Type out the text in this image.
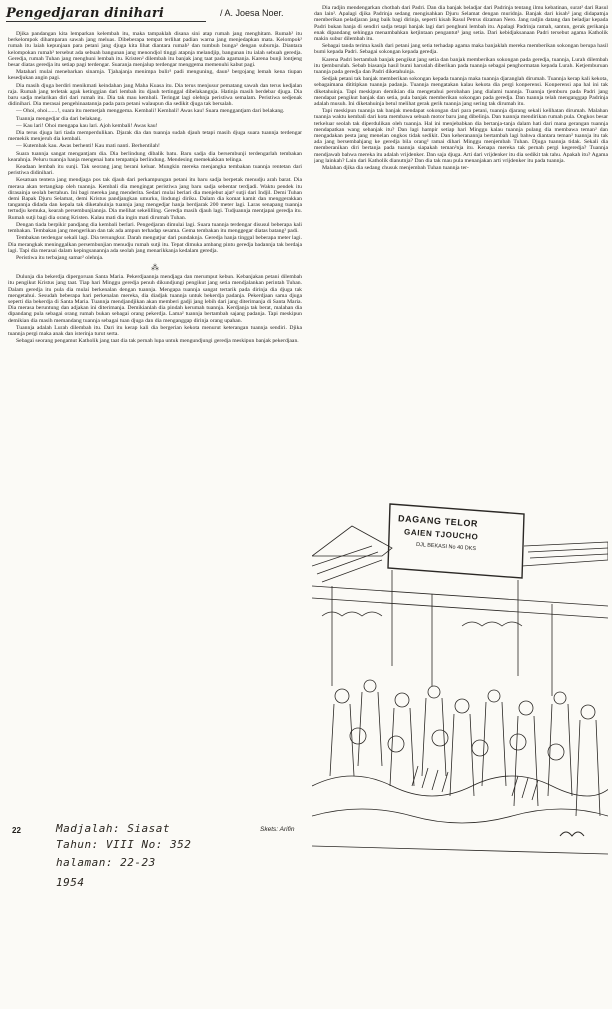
Pengedjaran dinihari	/ A. Joesa Noer.

Djika pandangan kita lemparkan kelembah itu, maka tampaklah disana sini atap rumah jang menghitam. Rumah² itu berkelompok dihamparan sawah jang meluas. Dibeberapa tempat terlihat padian warna jang menjedapkan mata. Kelompok² rumah itu laiah kepunjaan para petani jang djuga kita lihat diantara rumah² dan tumbuh bunga² dengan suburnja. Diantara kelompokan rumah² tersebut ada sebuah bangunan jang menondjol tinggi atapnja melandjip, bangunan itu ialah sebuah geredja. Geredja, rumah Tuhan jang menghuni lembah itu. Kristen² dilembah itu banjak jang taat pada agamanja. Karena bunji lontjeng besar diatas geredja itu setiap pagi terdengar. Suaranja menjalup terdengar menggema memenuhi kabut pagi.

Matahari mulai menebarkan sinarnja. Tjahajanja menimpa bulir² padi menguning, daun² bergojang lemah kena tiupan kesedjukan angin pagi.

Dia masih djuga berdiri menikmati keindahan jang Maha Kuasa itu. Dia terus menjusur pematang sawah dan terus kedjalan raja. Rumah jang terletak agak ketinggian dari lembah itu djauh tertinggal dibelakangnja. Hatinja masih berdebar djuga. Dia baru sadja melarikan diri dari rumah itu. Dia tak mau kembali. Teringat lagi olehnja peristiwa semalam. Peristiwa sedjenak didinihari. Dia merasai pengehinaatannja pada para petani walaupun dia sedikit djuga tak bersalah.

— Ohoi, ohoi.......!, suara itu memetjah menggema. Kembali! Kembali! Awas kau! Suara menggantjam dari belakang.

Tuannja mengedjar dia dari belakang.

— Kau lari! Ohoi mengapa kau lari. Ajoh kembali! Awas kau!

Dia terus djuga lari tiada memperdulikan. Djarak dia dan tuannja sudah djauh tetapi masih djuga suara tuannja terdengar memekik menjeruh dia kembali.

— Kutembak kau. Awas berhenti! Kau mati nanti. Berhentilah!

Suara tuannja sangat mengantjam dia. Dia berlindung dibalik batu. Baru sadja dia bersembunji terdengarlah tembakan kearahnja. Peluru tuannja hanja mengenai batu tempatnja berlindung. Mendesing memekakkan telinga.

Keadaan lembah itu sunji. Tak seorang jang berani keluar. Mungkin mereka menjangka tembakan tuannja rentetan dari peristiwa didinihari.

Kesatuan tentera jang mendjaga pos tak djauh dari perkampungan petani itu baru sadja berpetak menudju arah barat. Dia merasa akan tertangkap oleh tuannja. Kembali dia mengingat peristiwa jang baru sadja sebentar terdjadi. Waktu pendek itu dirasainja seolah bertahun. Ini bagi mereka jang menderita. Sedari mulai berlari dia menjebut ajat² sutji dari Indjil. Demi Tuhan demi Bapak Djuru Selamat, demi Kristus pandjangkan umurku, lindungi diriku. Dalam dia komat kamit dan menggerakkan tangannja didada dan kepala tak diketahuinja tuannja jang mengedjar hanja berdjarak 200 meter lagi. Laras senapang tuannja tertudju kemuka, kearah persembunjiannja. Dia melihat sekelilling. Geredja masih djauh lagi. Tudjuannja mentjapai geredja itu. Rumah sutji bagi dia orang Kristen. Kalau mati dia ingin mati dirumah Tuhan.

Dengan tiada berpikir pandjang dia kembali berlari. Pengedjaran dimulai lagi. Suara tuannja terdengar disusul beberapa kali tembakan. Tembakan jang mengerikan dan tak ada ampun terhadap sesama. Gema tembakan itu menggegar diatas batang² padi.

Tembakan terdengar sekali lagi. Dia tersungkur. Darah mengutjur dari pundaknja. Geredja hanja tinggal beberapa meter lagi. Dia merangkak meninggalkan persembunjian menudju rumah sutji itu. Tepat dimuka ambang pintu geredja badannja tak berdaja lagi. Tapi dia merasai dalam kepingsanannja ada seolah jang menarikkanja kedalam geredja.

Peristiwa itu terbajang samar² olehnja.

⁂

Dulunja dia bekerdja dipergoruan Santa Maria. Pekerdjaannja mendjaga dan merumput kebun. Kebanjakan petani dilembah itu pengikut Kristus jang taat. Tiap hari Minggu geredja penuh dikundjungi pengikut jang setia mendjalankan perintah Tuhan. Dalam geredja itu pula dia mulai berkenalan dengan tuannja. Mengapa tuannja sangat tertarik pada dirinja dia djuga tak mengetahui. Sesudah beberapa hari perkenalan mereka, dia diadjak tuannja untuk bekerdja padanja. Pekerdjaan sama djuga seperti dia bekerdja di Santa Maria. Tuannja mendjandjikan akan memberi gadji jang lebih dari jang diterimanja di Santa Maria. Dia merasa beruntung dan adjakan ini diterimanja. Demikianlah dia pindah kerumah tuannja. Kerdjanja tak berat, malahan dia dipandang pula sebagai orang rumah bukan sebagai orang pekerdja. Lama² tuannja bertambah sajang padanja. Tapi meskipun demikian dia masih memandang tuannja sebagai tuan djuga dan dia menganggap dirinja orang upahan.

Tuannja adalah Lurah dilembah itu. Dari itu kerap kali dia bergerian kekota menurut keterangan tuannja sendiri. Djika tuannja pergi maka anak dan isterinja turut serta.

Sebagai seorang pengamut Katholik jang taat dia tak pernah lupa untuk mengundjungi geredja meskipun banjak pekerdjaan.

Dia radjin mendengarkan chotbah dari Padri. Dan dia banjak beladjar dari Padrinja tentang ilmu kebatinan, surat² dari Rasul dan lain². Apalagi djika Padrinja sedang mengisahkan Djuru Selamat dengan muridnja. Banjak dari kisah² jang didapatnja memberikan peladjaran jang baik bagi dirinja, seperti kisah Rasul Petrus dizaman Nero. Jang radjin datang dan beladjar kepada Padri bukan hanja di sendiri sadja tetapi banjak lagi dari penghuni lembah itu. Apalagi Padrinja ramah, santun, gerak gerikanja enak dipandang sehingga menambahkan ketjintaan pengantut² jang setia. Dari kebidjaksanaan Padri tersebut agama Katholik makin subur dilembah itu.

Sebagai tanda terima kasih dari petani jang setia terhadap agama maka banjaklah mereka memberikan sokongan berupa hasil bumi kepada Padri. Sebagai sokongan kepada geredja.

Karena Padri bertambah banjak pengikut jang setia dan banjak memberikan sokongan pada geredja, tuannja, Lurah dilembah itu tjemburulah. Sebab biasanja hasil bumi haruslah diberikan pada tuannja sebagai penghormatan kepada Lurah. Ketjemburuan tuannja pada geredja dan Padri diketahuinja.

Sedjak petani tak banjak memberikan sokongan kepada tuannja maka tuannja djaranglah dirumah. Tuannja kerap kali kekota, sebagaimana dititipkan tuannja padanja. Tuannja mengatakan kalau kekota dia pergi konperensi. Konperensi apa hal ini tak diketahuinja. Tapi meskipun demikian dia mengetahui perobahan jang dialami tuannja. Tuannja tjemburu pada Padri jang mendapat pengikut banjak dan setia, pula banjak memberikan sokongan pada geredja. Dan tuannja telah menganggap Padrinja adalah musuh. Ini diketahuinja betul melihat gerak gerik tuannja jang sering tak dirumah itu.

Tapi meskipun tuannja tak banjak mendapat sokongan dari para petani, tuannja djarang sekali kelihatan dirumah. Malahan tuannja waktu kembali dari kota membawa sebuah motor baru jang dibelinja. Dan tuannja mendirikan rumah pula. Ongkos besar terkeluar seolah tak diperdulikan oleh tuannja. Hal ini menjebabkan dia bertanja-tanja dalam hati dari mana gerangan tuannja mendapatkan wang sebanjak itu? Dan lagi hampir setiap hari Minggu kalau tuannja pulang dia membawa teman² dan mengadakan pesta jang menelan ongkos tidak sedikit. Dan keheranannja bertambah lagi bahwa diantara teman² tuannja itu tak ada jang bersembahjang ke geredja bila orang² ramai dihari Minggu menjembah Tuhan. Djuga tuannja tidak. Sekali dia memberanikan diri bertanja pada tuannja siapakah teman²nja itu. Kenapa mereka tak pernah pergi kegeredja? Tuannja mendjawab bahwa mereka itu adalah vrijdenker. Dan saja djuga. Arti dari vrijdenker itu dia sedikit tak tahu. Apakah itu? Agama jang lainkah? Lain dari Katholik dianutnja? Dan dia tak mau pula menanjakan arti vrijdenker itu pada tuannja.

Malahan djika dia sedang chusuk menjembah Tuhan tuannja ter-

DAGANG TELOR
GAIEN TJOUCHO
DJL BEKASI No 40 DKS
22	Skets: Arifin
Madjalah: Siasat
Tahun: VIII No: 352
halaman: 22-23
1954
